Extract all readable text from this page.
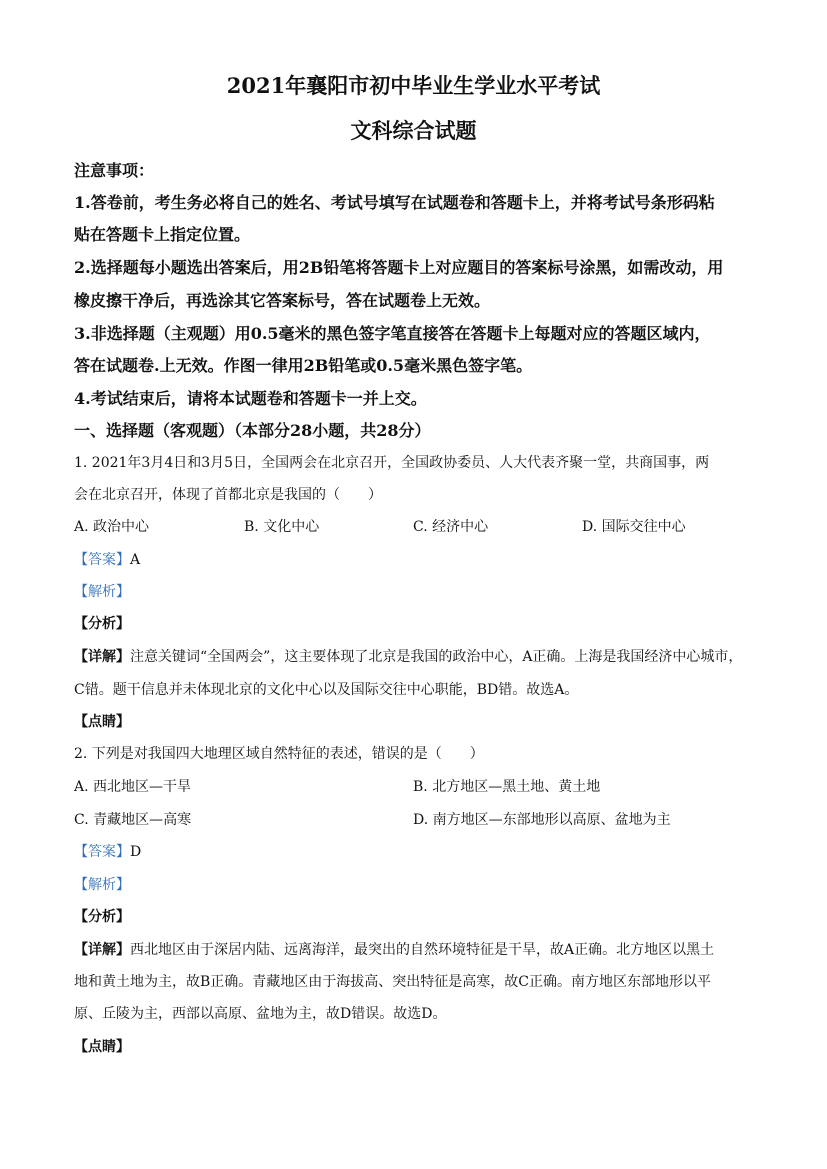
2021年襄阳市初中毕业生学业水平考试
文科综合试题
注意事项：
1.答卷前，考生务必将自己的姓名、考试号填写在试题卷和答题卡上，并将考试号条形码粘
贴在答题卡上指定位置。
2.选择题每小题选出答案后，用2B铅笔将答题卡上对应题目的答案标号涂黑，如需改动，用
橡皮擦干净后，再选涂其它答案标号，答在试题卷上无效。
3.非选择题（主观题）用0.5毫米的黑色签字笔直接答在答题卡上每题对应的答题区域内，
答在试题卷.上无效。作图一律用2B铅笔或0.5毫米黑色签字笔。
4.考试结束后，请将本试题卷和答题卡一并上交。
一、选择题（客观题）（本部分28小题，共28分）
1. 2021年3月4日和3月5日，全国两会在北京召开，全国政协委员、人大代表齐聚一堂，共商国事，两
会在北京召开，体现了首都北京是我国的（　　）
A. 政治中心	B. 文化中心	C. 经济中心	D. 国际交往中心
【答案】A
【解析】
【分析】
【详解】注意关键词“全国两会”，这主要体现了北京是我国的政治中心，A正确。上海是我国经济中心城市，
C错。题干信息并未体现北京的文化中心以及国际交往中心职能，BD错。故选A。
【点睛】
2. 下列是对我国四大地理区域自然特征的表述，错误的是（　　）
A. 西北地区—干旱	B. 北方地区—黑土地、黄土地
C. 青藏地区—高寒	D. 南方地区—东部地形以高原、盆地为主
【答案】D
【解析】
【分析】
【详解】西北地区由于深居内陆、远离海洋，最突出的自然环境特征是干旱，故A正确。北方地区以黑土
地和黄土地为主，故B正确。青藏地区由于海拔高、突出特征是高寒，故C正确。南方地区东部地形以平
原、丘陵为主，西部以高原、盆地为主，故D错误。故选D。
【点睛】
